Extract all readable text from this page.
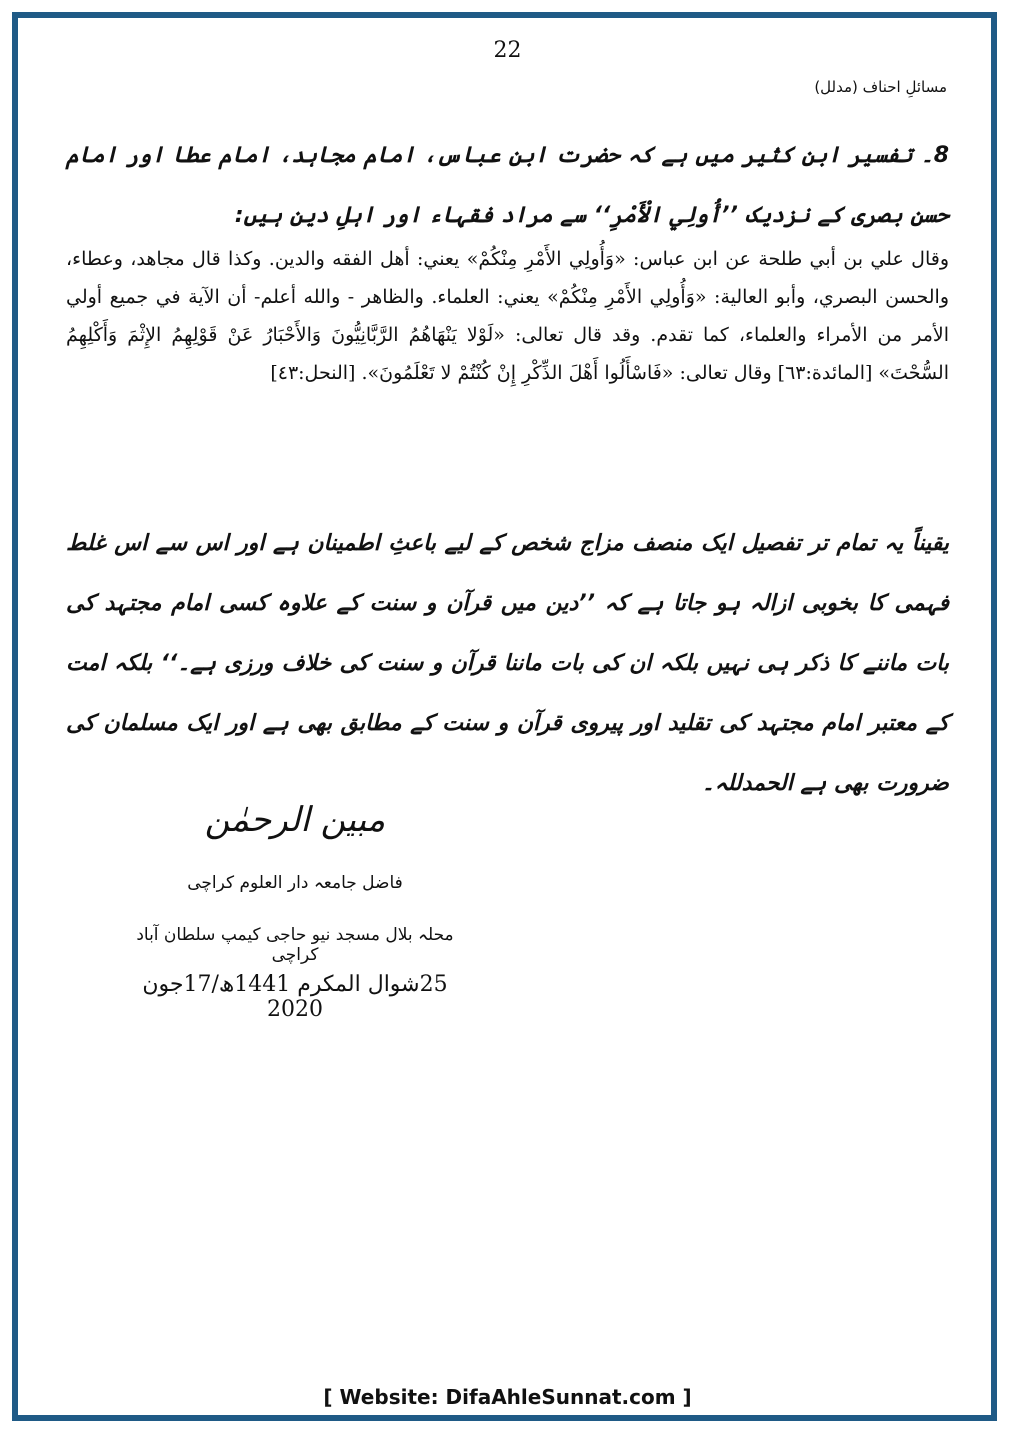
22
مسائلِ احناف (مدلل)
8۔ تفسیر ابن کثیر میں ہے کہ حضرت ابن عباس، امام مجاہد، امام عطا اور امام حسن بصری کے نزدیک ’’أُولِي الْأَمْرِ‘‘ سے مراد فقہاء اور اہلِ دین ہیں:
وقال علي بن أبي طلحة عن ابن عباس: «وَأُولِي الأَمْرِ مِنْكُمْ» يعني: أهل الفقه والدين. وكذا قال مجاهد، وعطاء، والحسن البصري، وأبو العالية: «وَأُولِي الأَمْرِ مِنْكُمْ» يعني: العلماء. والظاهر - والله أعلم- أن الآية في جميع أولي الأمر من الأمراء والعلماء، كما تقدم. وقد قال تعالى: «لَوْلا يَنْهَاهُمُ الرَّبَّانِيُّونَ وَالأَحْبَارُ عَنْ قَوْلِهِمُ الإِثْمَ وَأَكْلِهِمُ السُّحْتَ» [المائدة:٦٣] وقال تعالى: «فَاسْأَلُوا أَهْلَ الذِّكْرِ إِنْ كُنْتُمْ لا تَعْلَمُونَ». [النحل:٤٣]
یقیناً یہ تمام تر تفصیل ایک منصف مزاج شخص کے لیے باعثِ اطمینان ہے اور اس سے اس غلط فہمی کا بخوبی ازالہ ہو جاتا ہے کہ ’’دین میں قرآن و سنت کے علاوہ کسی امام مجتہد کی بات ماننے کا ذکر ہی نہیں بلکہ ان کی بات ماننا قرآن و سنت کی خلاف ورزی ہے۔‘‘ بلکہ امت کے معتبر امام مجتہد کی تقلید اور پیروی قرآن و سنت کے مطابق بھی ہے اور ایک مسلمان کی ضرورت بھی ہے الحمدللہ۔
مبین الرحمٰن
فاضل جامعہ دار العلوم کراچی
محلہ بلال مسجد نیو حاجی کیمپ سلطان آباد کراچی
25شوال المکرم 1441ھ/17جون 2020
[ Website: DifaAhleSunnat.com ]
